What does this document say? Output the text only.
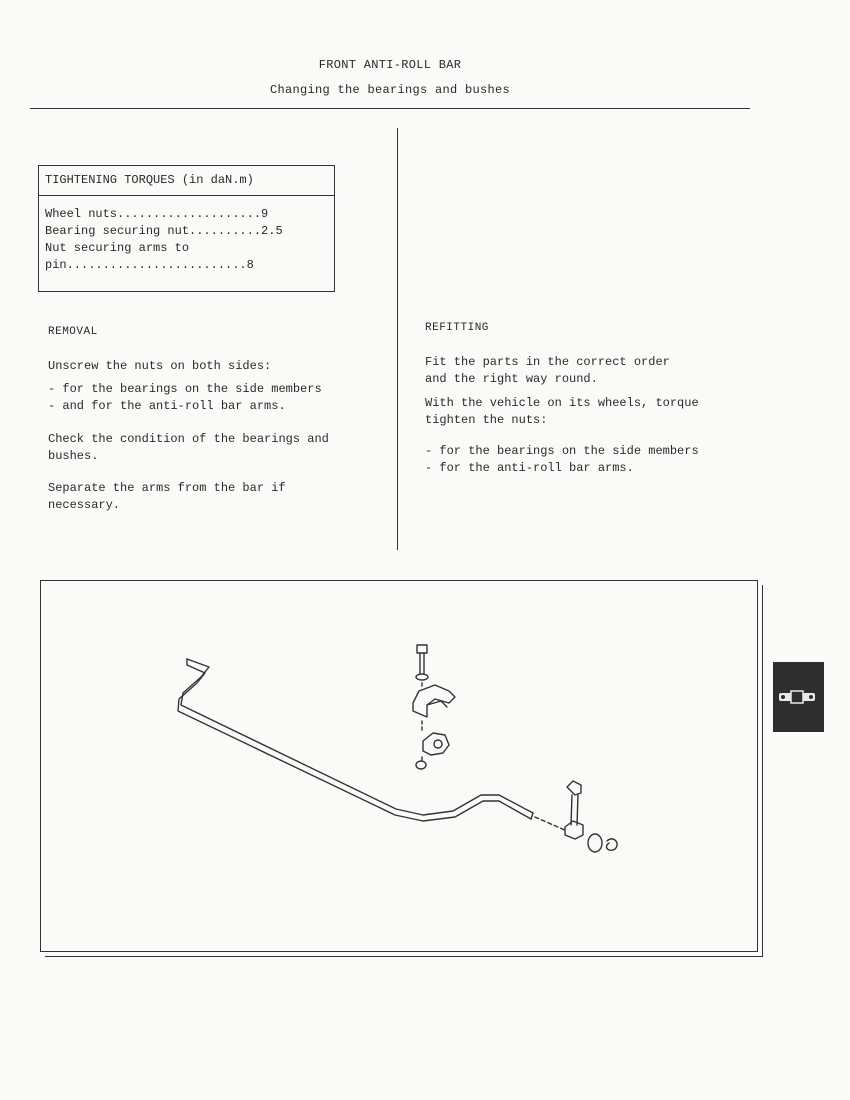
FRONT ANTI-ROLL BAR
Changing the bearings and bushes
TIGHTENING TORQUES (in daN.m)
Wheel nuts....................9
Bearing securing nut..........2.5
Nut securing arms to
pin.........................8
REMOVAL
Unscrew the nuts on both sides:
- for the bearings on the side members
- and for the anti-roll bar arms.
Check the condition of the bearings and
bushes.
Separate the arms from the bar if
necessary.
REFITTING
Fit the parts in the correct order
and the right way round.
With the vehicle on its wheels, torque
tighten the nuts:
- for the bearings on the side members
- for the anti-roll bar arms.
